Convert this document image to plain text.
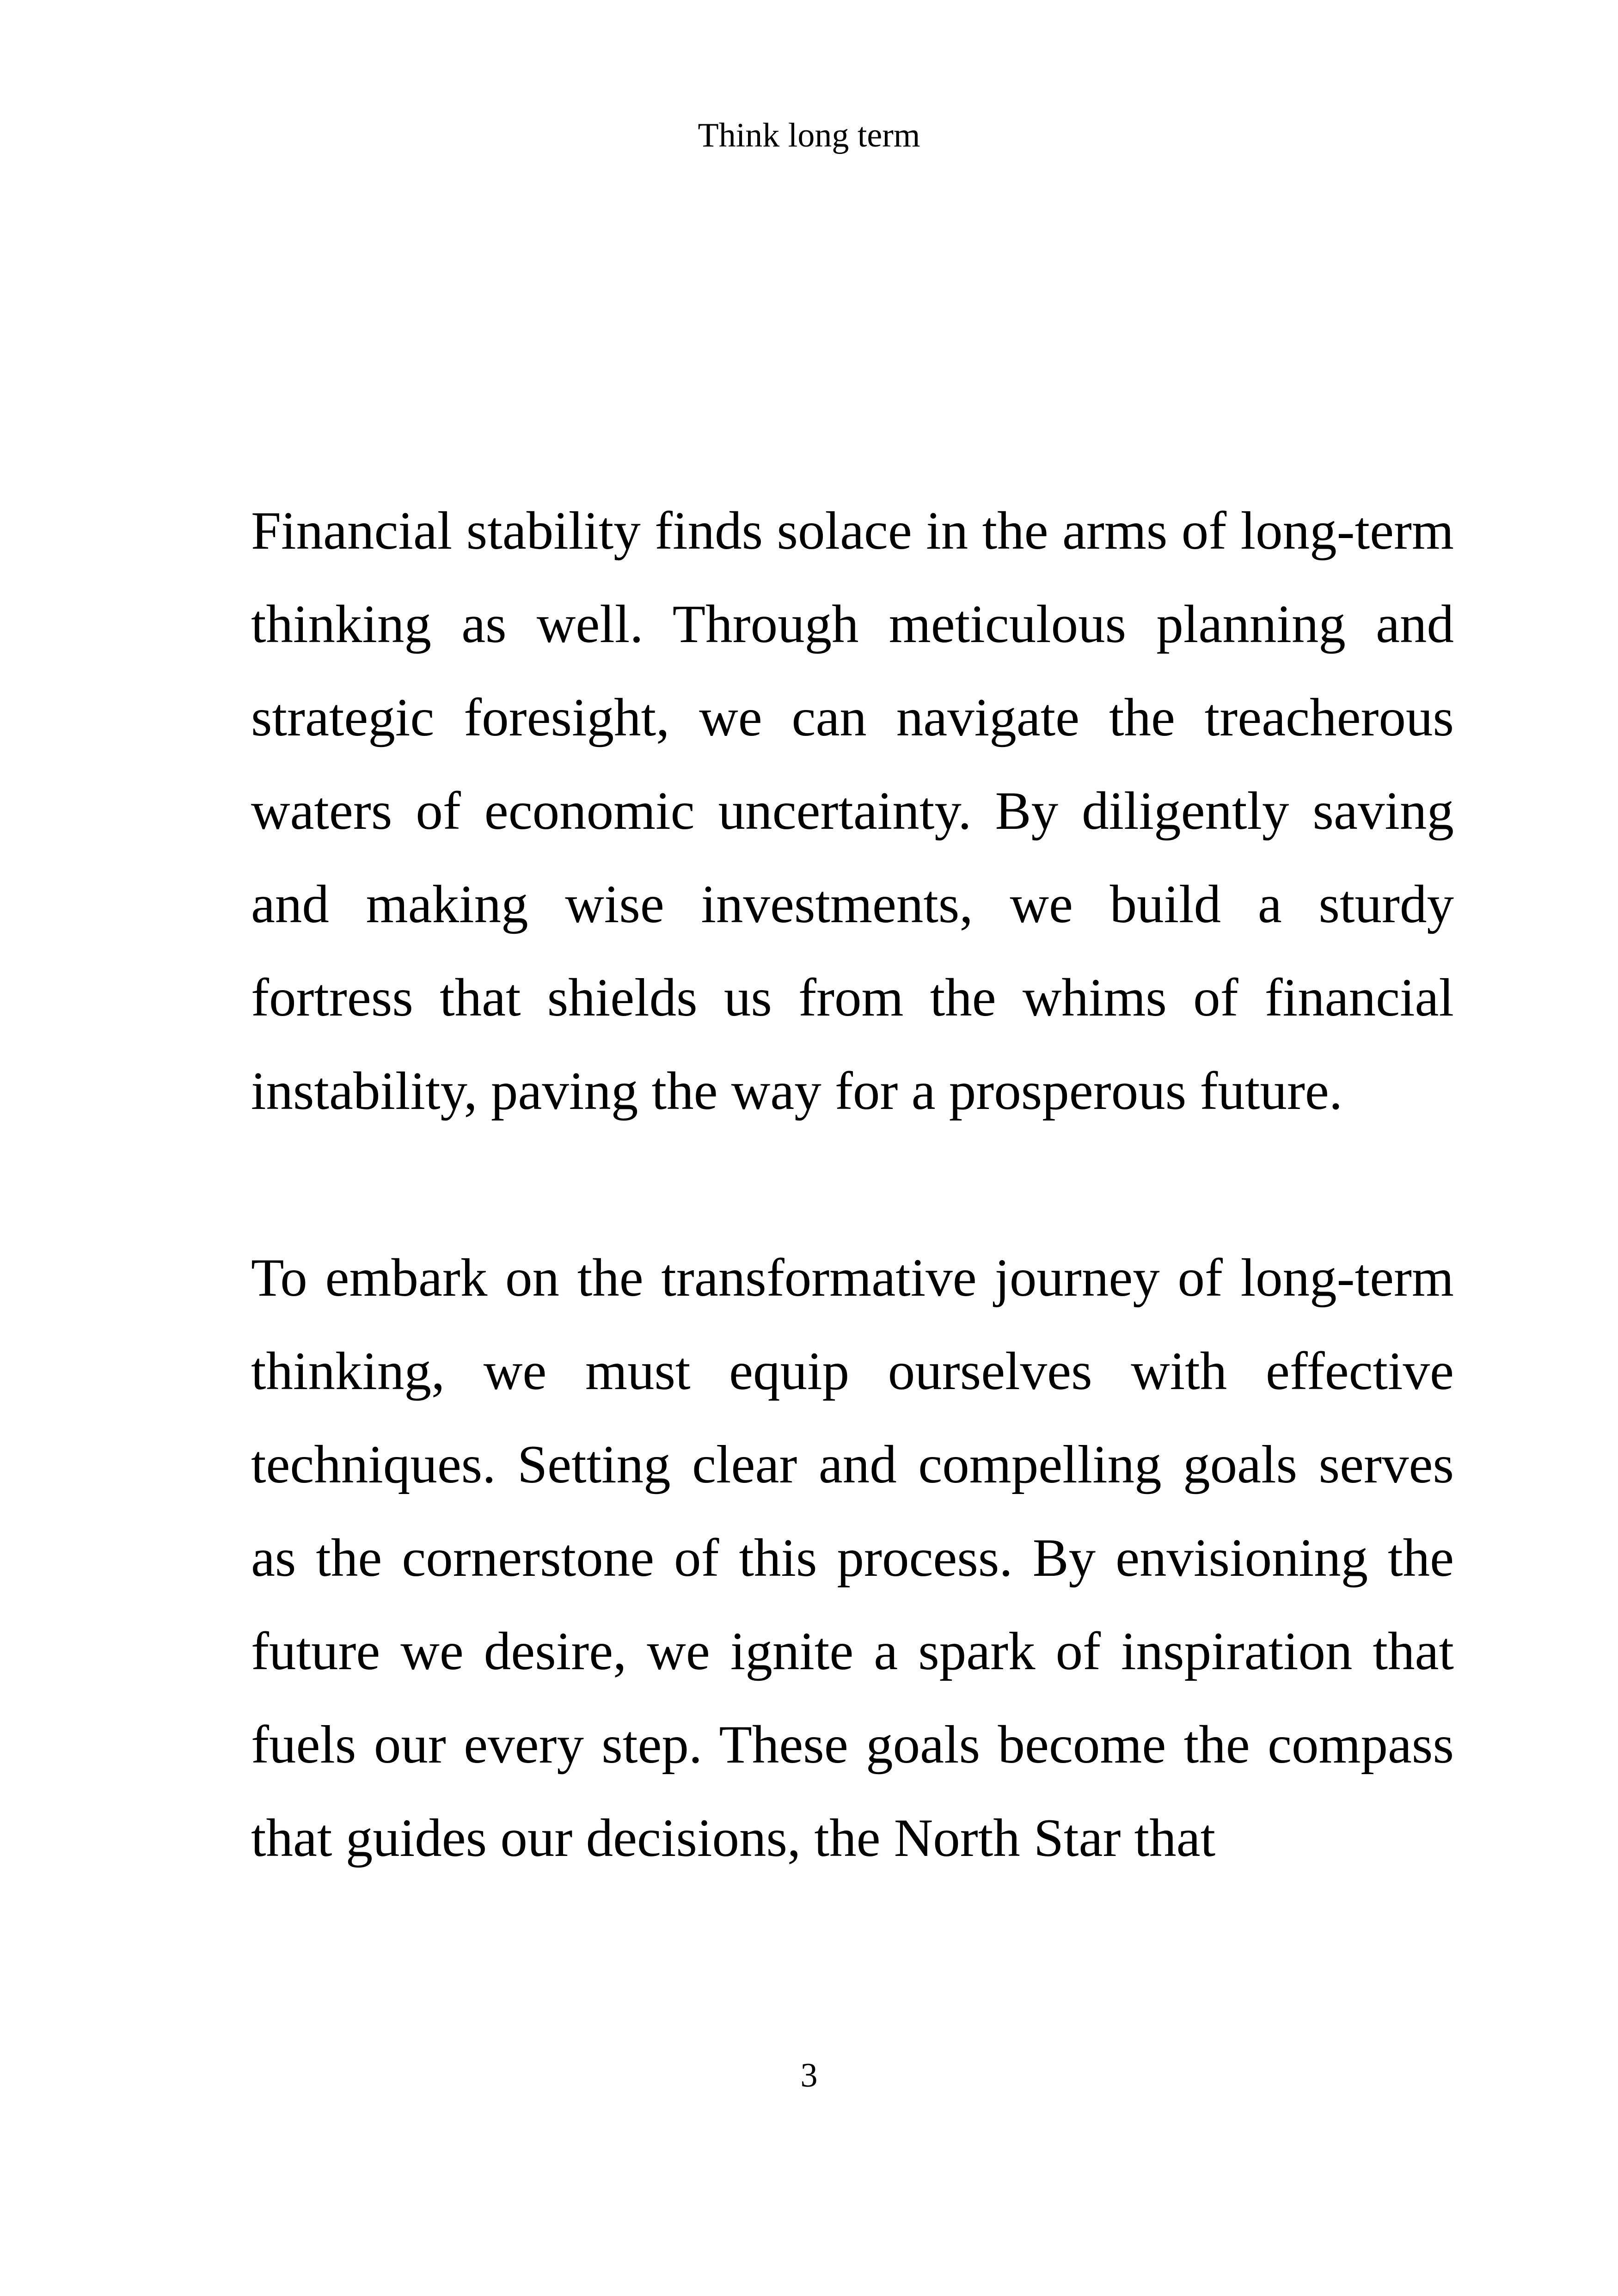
Think long term

Financial stability finds solace in the arms of long-term thinking as well. Through meticulous planning and strategic foresight, we can navigate the treacherous waters of economic uncertainty. By diligently saving and making wise investments, we build a sturdy fortress that shields us from the whims of financial instability, paving the way for a prosperous future.

To embark on the transformative journey of long-term thinking, we must equip ourselves with effective techniques. Setting clear and compelling goals serves as the cornerstone of this process. By envisioning the future we desire, we ignite a spark of inspiration that fuels our every step. These goals become the compass that guides our decisions, the North Star that

3
